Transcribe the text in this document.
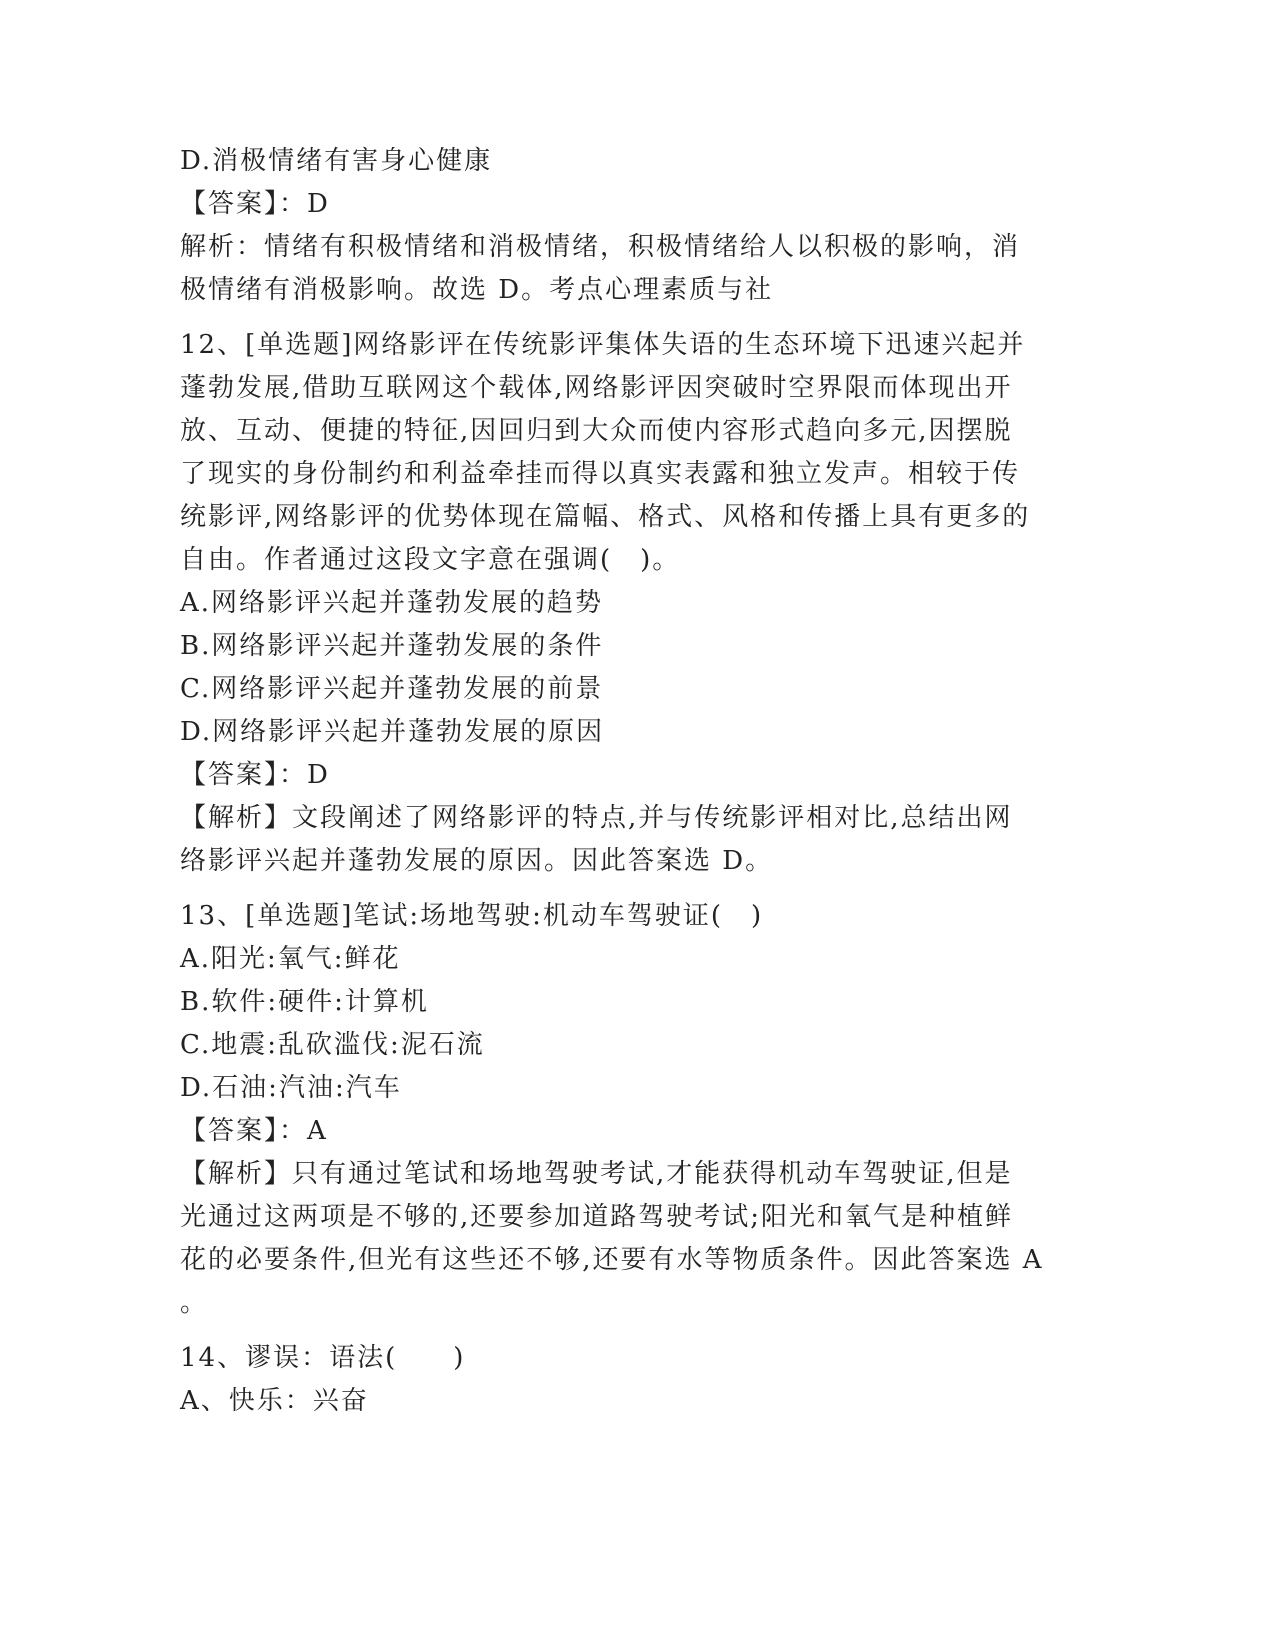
D.消极情绪有害身心健康
【答案】：D
解析：情绪有积极情绪和消极情绪，积极情绪给人以积极的影响，消
极情绪有消极影响。故选 D。考点心理素质与社
12、[单选题]网络影评在传统影评集体失语的生态环境下迅速兴起并
蓬勃发展,借助互联网这个载体,网络影评因突破时空界限而体现出开
放、互动、便捷的特征,因回归到大众而使内容形式趋向多元,因摆脱
了现实的身份制约和利益牵挂而得以真实表露和独立发声。相较于传
统影评,网络影评的优势体现在篇幅、格式、风格和传播上具有更多的
自由。作者通过这段文字意在强调(　)。
A.网络影评兴起并蓬勃发展的趋势
B.网络影评兴起并蓬勃发展的条件
C.网络影评兴起并蓬勃发展的前景
D.网络影评兴起并蓬勃发展的原因
【答案】：D
【解析】文段阐述了网络影评的特点,并与传统影评相对比,总结出网
络影评兴起并蓬勃发展的原因。因此答案选 D。
13、[单选题]笔试:场地驾驶:机动车驾驶证(　)
A.阳光:氧气:鲜花
B.软件:硬件:计算机
C.地震:乱砍滥伐:泥石流
D.石油:汽油:汽车
【答案】：A
【解析】只有通过笔试和场地驾驶考试,才能获得机动车驾驶证,但是
光通过这两项是不够的,还要参加道路驾驶考试;阳光和氧气是种植鲜
花的必要条件,但光有这些还不够,还要有水等物质条件。因此答案选 A
。
14、谬误：语法(　　)
A、快乐：兴奋
